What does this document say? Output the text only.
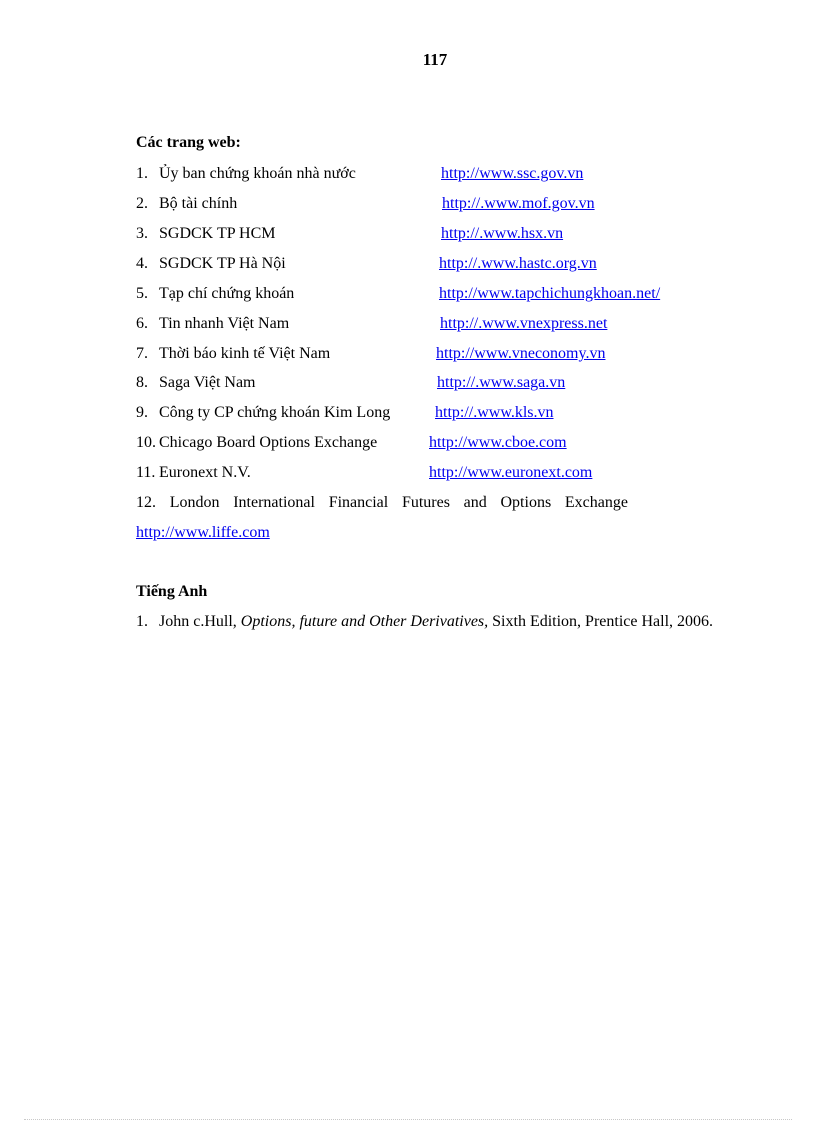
117
Các trang web:
1. Ủy ban chứng khoán nhà nước	http://www.ssc.gov.vn
2. Bộ tài chính	http://.www.mof.gov.vn
3. SGDCK TP HCM	http://.www.hsx.vn
4. SGDCK TP Hà Nội	http://.www.hastc.org.vn
5. Tạp chí chứng khoán	http://www.tapchichungkhoan.net/
6. Tin nhanh Việt Nam	http://.www.vnexpress.net
7. Thời báo kinh tế Việt Nam	http://www.vneconomy.vn
8. Saga Việt Nam	http://.www.saga.vn
9. Công ty CP chứng khoán Kim Long	http://.www.kls.vn
10. Chicago Board Options Exchange	http://www.cboe.com
11. Euronext N.V.	http://www.euronext.com
12. London International Financial Futures and Options Exchange
http://www.liffe.com
Tiếng Anh
1. John c.Hull, Options, future and Other Derivatives, Sixth Edition, Prentice Hall, 2006.
